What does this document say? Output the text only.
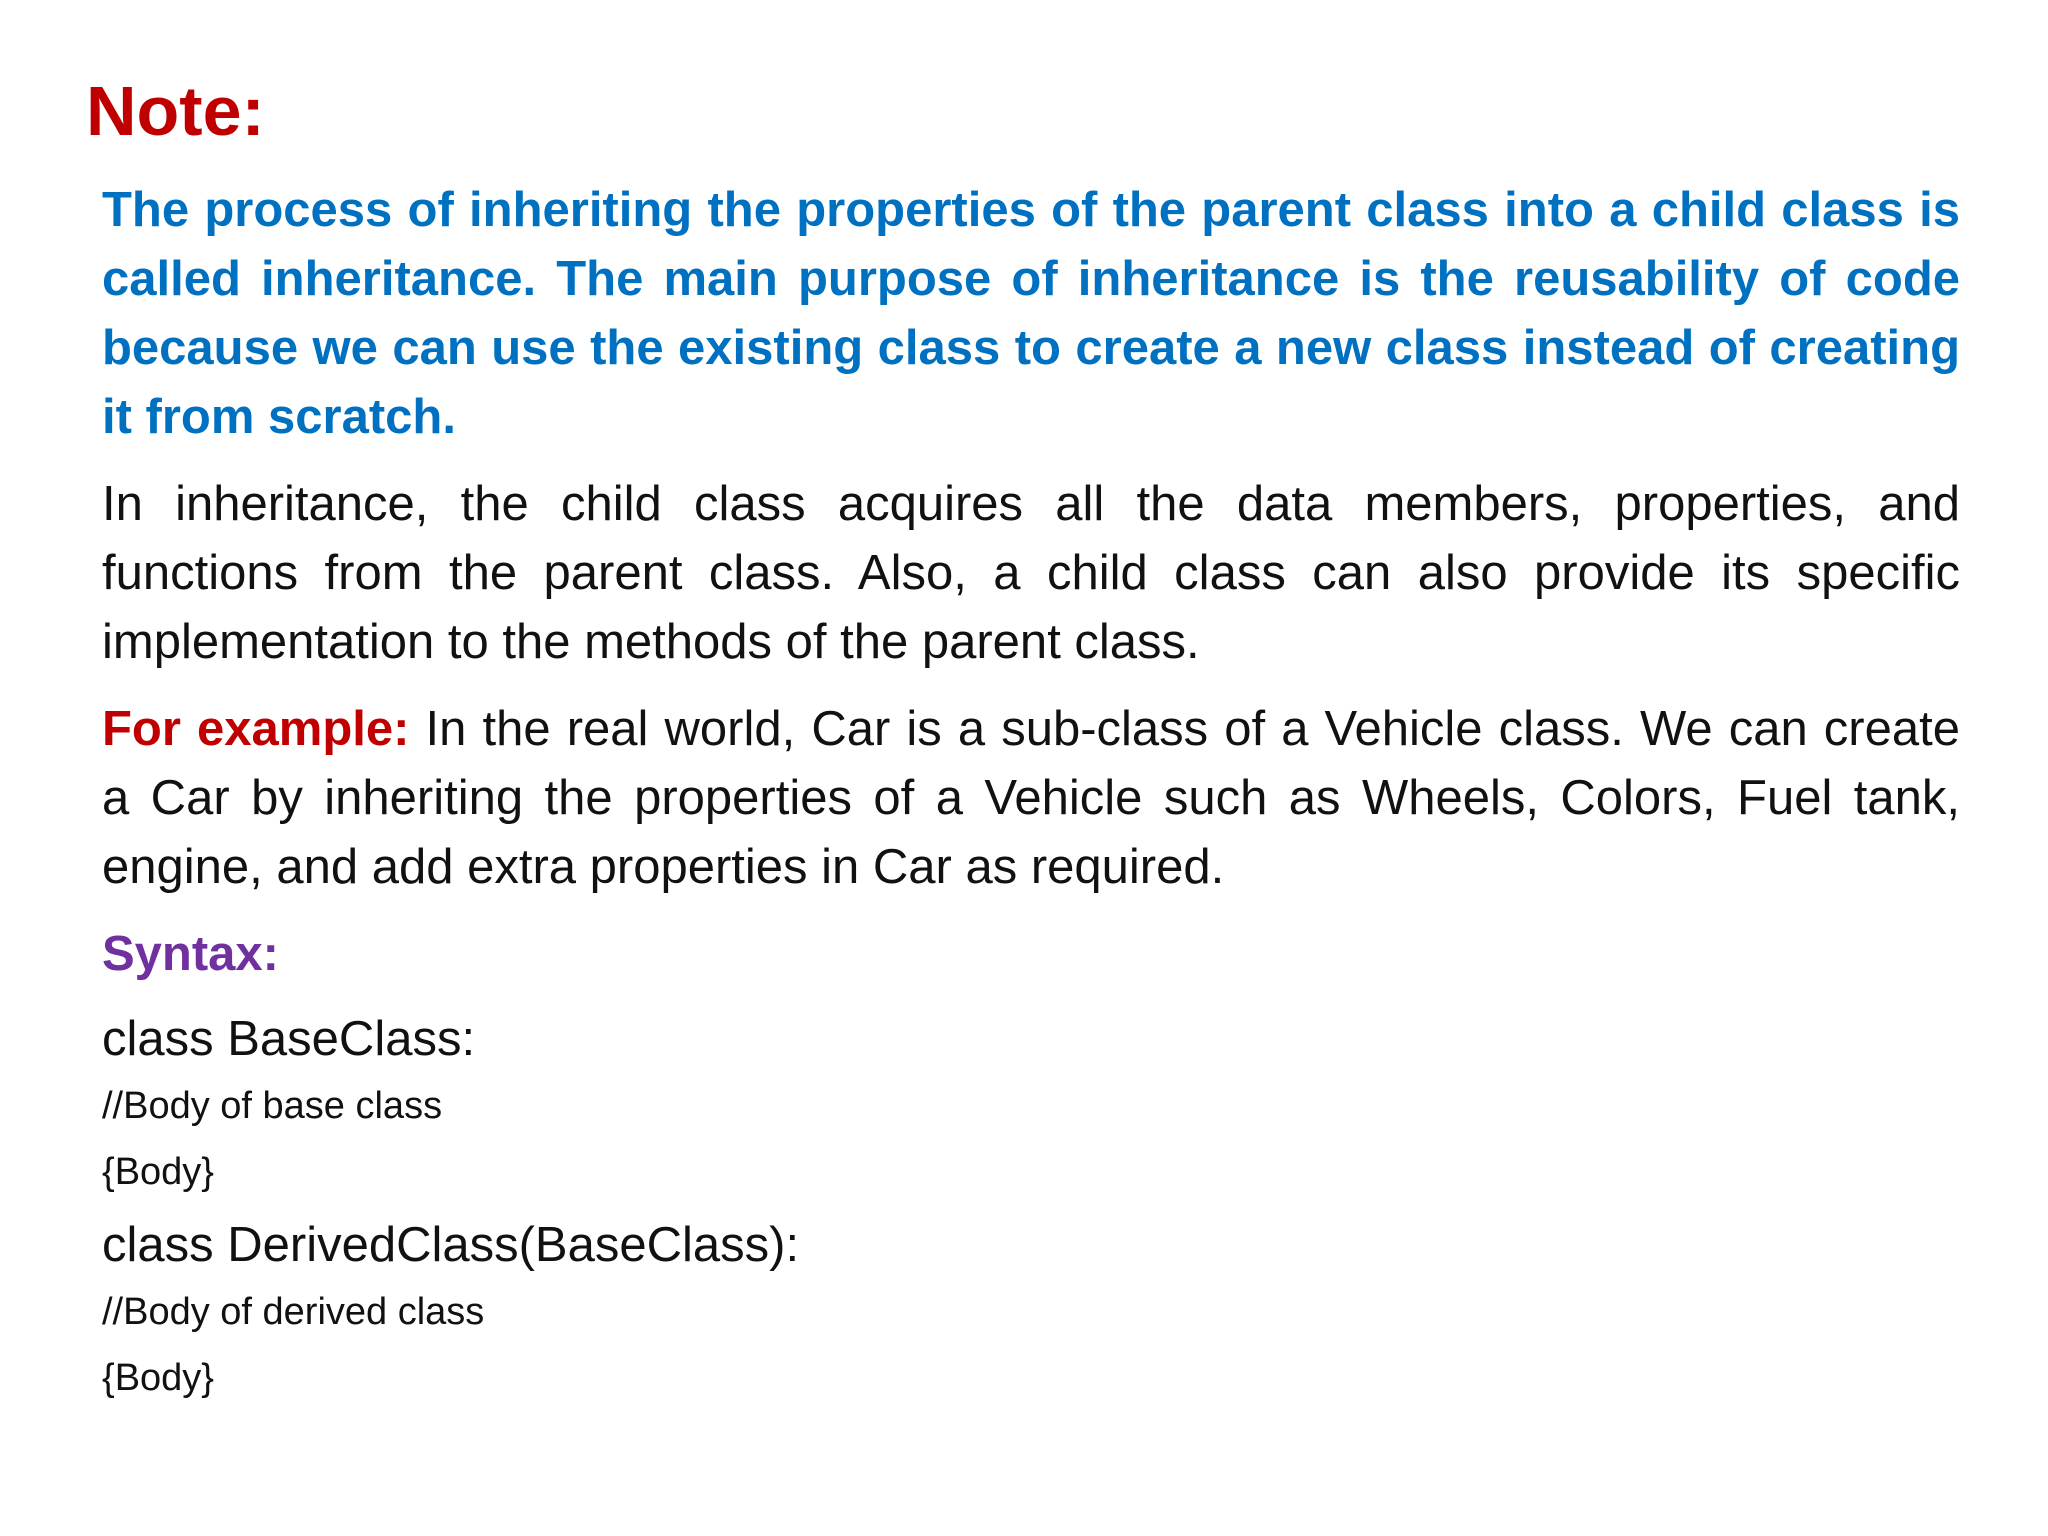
Note:

The process of inheriting the properties of the parent class into a child class is called inheritance. The main purpose of inheritance is the reusability of code because we can use the existing class to create a new class instead of creating it from scratch.

In inheritance, the child class acquires all the data members, properties, and functions from the parent class. Also, a child class can also provide its specific implementation to the methods of the parent class.

For example: In the real world, Car is a sub-class of a Vehicle class. We can create a Car by inheriting the properties of a Vehicle such as Wheels, Colors, Fuel tank, engine, and add extra properties in Car as required.

Syntax:
class BaseClass:
//Body of base class
{Body}
class DerivedClass(BaseClass):
//Body of derived class
{Body}
